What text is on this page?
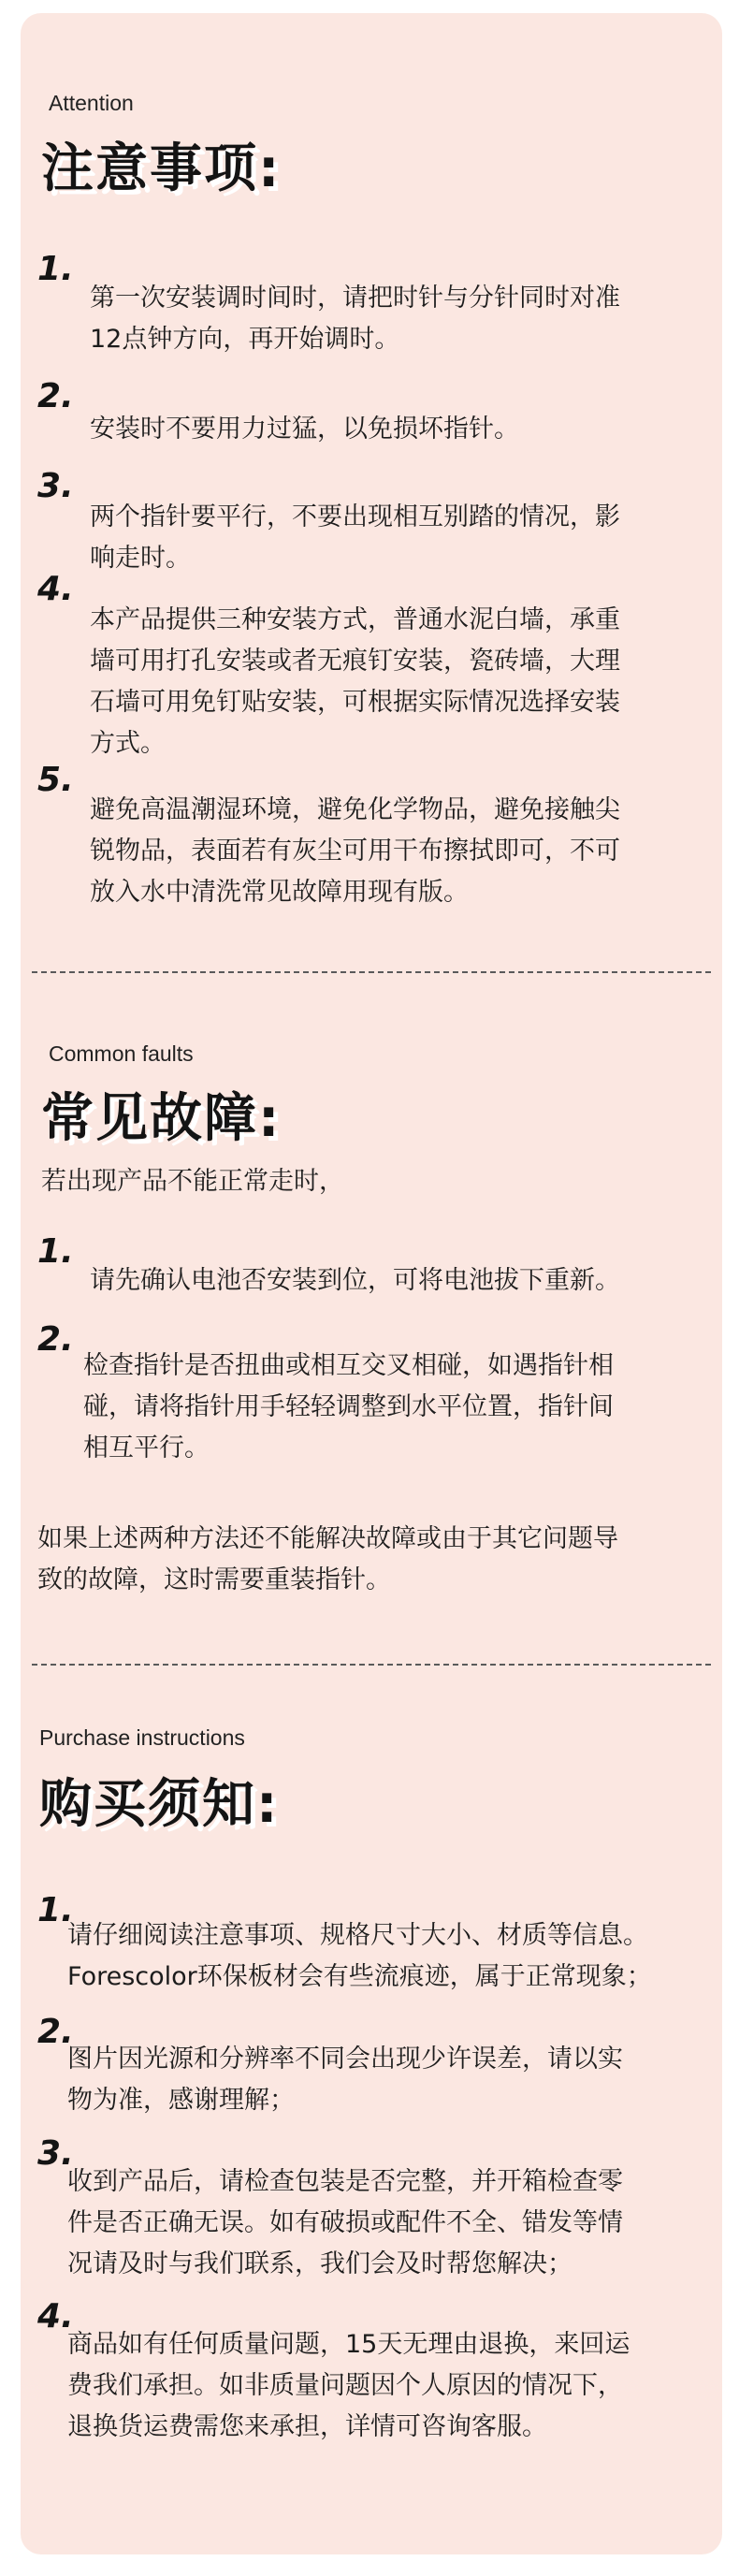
Attention
注意事项:
1.
第一次安装调时间时，请把时针与分针同时对准
12点钟方向，再开始调时。
2.
安装时不要用力过猛，以免损坏指针。
3.
两个指针要平行，不要出现相互别踏的情况，影
响走时。
4.
本产品提供三种安装方式，普通水泥白墙，承重
墙可用打孔安装或者无痕钉安装，瓷砖墙，大理
石墙可用免钉贴安装，可根据实际情况选择安装
方式。
5.
避免高温潮湿环境，避免化学物品，避免接触尖
锐物品，表面若有灰尘可用干布擦拭即可，不可
放入水中清洗常见故障用现有版。
Common faults
常见故障:
若出现产品不能正常走时，
1.
请先确认电池否安装到位，可将电池拔下重新。
2.
检查指针是否扭曲或相互交叉相碰，如遇指针相
碰，请将指针用手轻轻调整到水平位置，指针间
相互平行。
如果上述两种方法还不能解决故障或由于其它问题导
致的故障，这时需要重装指针。
Purchase instructions
购买须知:
1.
请仔细阅读注意事项、规格尺寸大小、材质等信息。
Forescolor环保板材会有些流痕迹，属于正常现象；
2.
图片因光源和分辨率不同会出现少许误差，请以实
物为准，感谢理解；
3.
收到产品后，请检查包装是否完整，并开箱检查零
件是否正确无误。如有破损或配件不全、错发等情
况请及时与我们联系，我们会及时帮您解决；
4.
商品如有任何质量问题，15天无理由退换，来回运
费我们承担。如非质量问题因个人原因的情况下，
退换货运费需您来承担，详情可咨询客服。
